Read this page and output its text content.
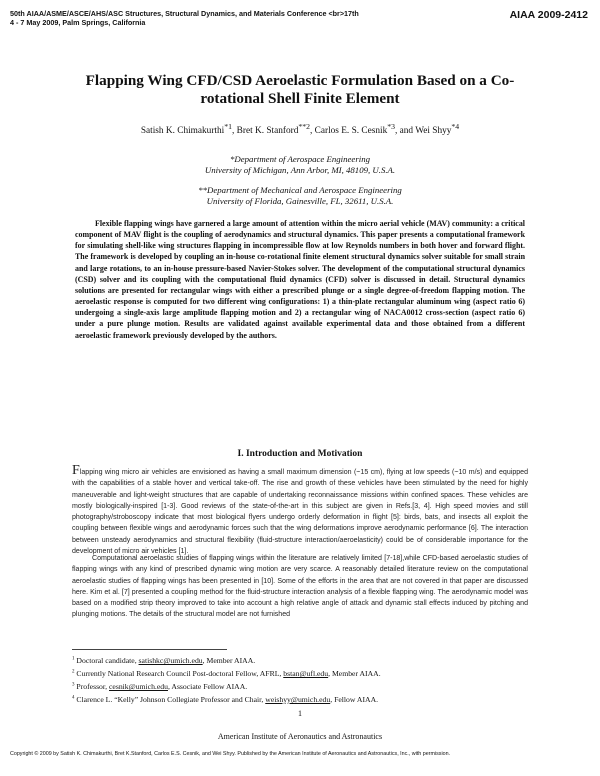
50th AIAA/ASME/ASCE/AHS/ASC Structures, Structural Dynamics, and Materials Conference <br>17th
4 - 7 May 2009, Palm Springs, California
AIAA 2009-2412
Flapping Wing CFD/CSD Aeroelastic Formulation Based on a Co-
rotational Shell Finite Element
Satish K. Chimakurthi$^{*1}$, Bret K. Stanford$^{**2}$, Carlos E. S. Cesnik$^{*3}$, and Wei Shyy$^{*4}$
*Department of Aerospace Engineering
University of Michigan, Ann Arbor, MI, 48109, U.S.A.
**Department of Mechanical and Aerospace Engineering
University of Florida, Gainesville, FL, 32611, U.S.A.
Flexible flapping wings have garnered a large amount of attention within the micro aerial vehicle (MAV) community: a critical component of MAV flight is the coupling of aerodynamics and structural dynamics. This paper presents a computational framework for simulating shell-like wing structures flapping in incompressible flow at low Reynolds numbers in both hover and forward flight. The framework is developed by coupling an in-house co-rotational finite element structural dynamics solver suitable for small strain and large rotations, to an in-house pressure-based Navier-Stokes solver. The development of the computational structural dynamics (CSD) solver and its coupling with the computational fluid dynamics (CFD) solver is discussed in detail. Structural dynamics solutions are presented for rectangular wings with either a prescribed plunge or a single degree-of-freedom flapping motion. The aeroelastic response is computed for two different wing configurations: 1) a thin-plate rectangular aluminum wing (aspect ratio 6) undergoing a single-axis large amplitude flapping motion and 2) a rectangular wing of NACA0012 cross-section (aspect ratio 6) under a pure plunge motion. Results are validated against available experimental data and those obtained from a different aeroelastic framework previously developed by the authors.
I. Introduction and Motivation
Flapping wing micro air vehicles are envisioned as having a small maximum dimension (~15 cm), flying at low speeds (~10 m/s) and equipped with the capabilities of a stable hover and vertical take-off. The rise and growth of these vehicles have been stimulated by the need for highly maneuverable and light-weight structures that are capable of undertaking reconnaissance missions within confined spaces. These vehicles are mostly biologically-inspired [1-3]. Good reviews of the state-of-the-art in this subject are given in Refs.[3, 4]. High speed movies and still photography/stroboscopy indicate that most biological flyers undergo orderly deformation in flight [5]: birds, bats, and insects all exploit the coupling between flexible wings and aerodynamic forces such that the wing deformations improve aerodynamic performance [6]. The interaction between unsteady aerodynamics and structural flexibility (fluid-structure interaction/aeroelasticity) could be of considerable importance for the development of micro air vehicles [1].
Computational aeroelastic studies of flapping wings within the literature are relatively limited [7-18],while CFD-based aeroelastic studies of flapping wings with any kind of prescribed dynamic wing motion are very scarce. A reasonably detailed literature review on the computational aeroelastic studies of flapping wings has been presented in [10]. Some of the efforts in the area that are not covered in that paper are discussed here. Kim et al. [7] presented a coupling method for the fluid-structure interaction analysis of a flexible flapping wing. The aerodynamic model was based on a modified strip theory improved to take into account a high relative angle of attack and dynamic stall effects induced by pitching and plunging motions. The details of the structural model are not furnished
$^1$ Doctoral candidate, satishkc@umich.edu, Member AIAA.
$^2$ Currently National Research Council Post-doctoral Fellow, AFRL, bstan@ufl.edu, Member AIAA.
$^3$ Professor, cesnik@umich.edu, Associate Fellow AIAA.
$^4$ Clarence L. “Kelly” Johnson Collegiate Professor and Chair, weishyy@umich.edu, Fellow AIAA.
1
American Institute of Aeronautics and Astronautics
Copyright © 2009 by Satish K. Chimakurthi, Bret K.Stanford, Carlos E.S. Cesnik, and Wei Shyy. Published by the American Institute of Aeronautics and Astronautics, Inc., with permission.
